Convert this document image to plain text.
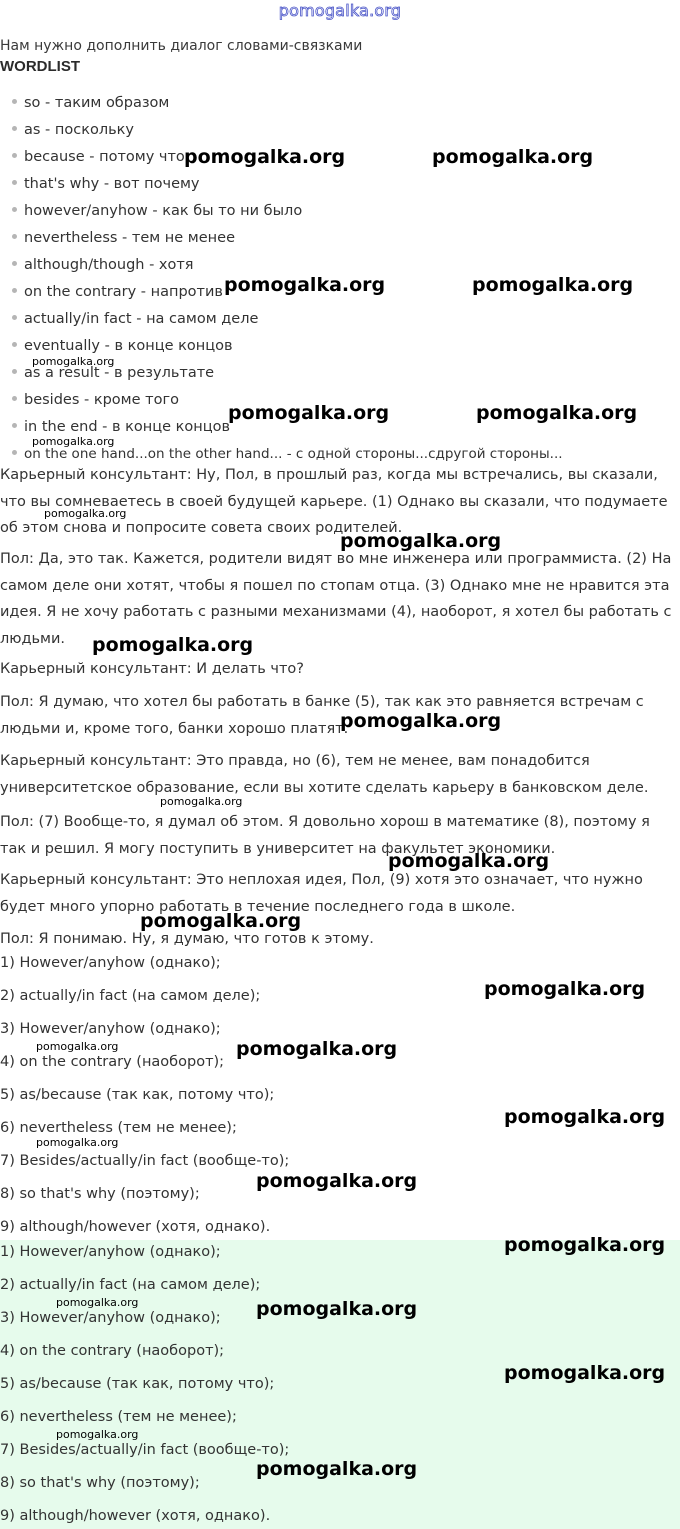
pomogalka.org
Нам нужно дополнить диалог словами-связками
WORDLIST
so - таким образом
as - поскольку
because - потому что
that's why - вот почему
however/anyhow - как бы то ни было
nevertheless - тем не менее
although/though - хотя
on the contrary - напротив
actually/in fact - на самом деле
eventually - в конце концов
as a result - в результате
besides - кроме того
in the end - в конце концов
on the one hand...on the other hand... - с одной стороны...сдругой стороны...
Карьерный консультант: Ну, Пол, в прошлый раз, когда мы встречались, вы сказали, что вы сомневаетесь в своей будущей карьере. (1) Однако вы сказали, что подумаете об этом снова и попросите совета своих родителей.
Пол: Да, это так. Кажется, родители видят во мне инженера или программиста. (2) На самом деле они хотят, чтобы я пошел по стопам отца. (3) Однако мне не нравится эта идея. Я не хочу работать с разными механизмами (4), наоборот, я хотел бы работать с людьми.
Карьерный консультант: И делать что?
Пол: Я думаю, что хотел бы работать в банке (5), так как это равняется встречам с людьми и, кроме того, банки хорошо платят.
Карьерный консультант: Это правда, но (6), тем не менее, вам понадобится университетское образование, если вы хотите сделать карьеру в банковском деле.
Пол: (7) Вообще-то, я думал об этом. Я довольно хорош в математике (8), поэтому я так и решил. Я могу поступить в университет на факультет экономики.
Карьерный консультант: Это неплохая идея, Пол, (9) хотя это означает, что нужно будет много упорно работать в течение последнего года в школе.
Пол: Я понимаю. Ну, я думаю, что готов к этому.
1) However/anyhow (однако);
2) actually/in fact (на самом деле);
3) However/anyhow (однако);
4) on the contrary (наоборот);
5) as/because (так как, потому что);
6) nevertheless (тем не менее);
7) Besides/actually/in fact (вообще-то);
8) so that's why (поэтому);
9) although/however (хотя, однако).
1) However/anyhow (однако);
2) actually/in fact (на самом деле);
3) However/anyhow (однако);
4) on the contrary (наоборот);
5) as/because (так как, потому что);
6) nevertheless (тем не менее);
7) Besides/actually/in fact (вообще-то);
8) so that's why (поэтому);
9) although/however (хотя, однако).
pomogalka.org	pomogalka.org
pomogalka.org	pomogalka.org
pomogalka.org
pomogalka.org	pomogalka.org
pomogalka.org
pomogalka.org
pomogalka.org
pomogalka.org
pomogalka.org
pomogalka.org
pomogalka.org
pomogalka.org
pomogalka.org
pomogalka.org	pomogalka.org
pomogalka.org
pomogalka.org
pomogalka.org
pomogalka.org
pomogalka.org	pomogalka.org
pomogalka.org
pomogalka.org
pomogalka.org
